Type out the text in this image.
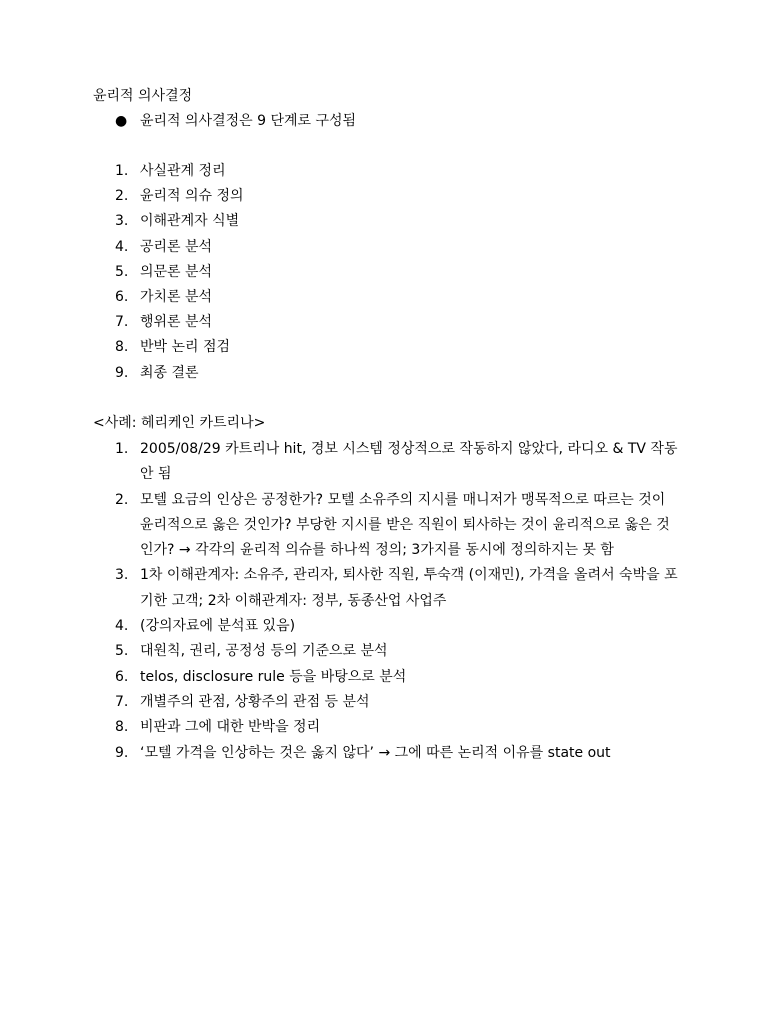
윤리적 의사결정
● 윤리적 의사결정은 9 단계로 구성됨
1. 사실관계 정리
2. 윤리적 의슈 정의
3. 이해관계자 식별
4. 공리론 분석
5. 의문론 분석
6. 가치론 분석
7. 행위론 분석
8. 반박 논리 점검
9. 최종 결론
<사례: 헤리케인 카트리나>
1. 2005/08/29 카트리나 hit, 경보 시스템 정상적으로 작동하지 않았다, 라디오 & TV 작동 안 됨
2. 모텔 요금의 인상은 공정한가? 모텔 소유주의 지시를 매니저가 맹목적으로 따르는 것이 윤리적으로 옳은 것인가? 부당한 지시를 받은 직원이 퇴사하는 것이 윤리적으로 옳은 것인가? → 각각의 윤리적 의슈를 하나씩 정의; 3가지를 동시에 정의하지는 못 함
3. 1차 이해관계자: 소유주, 관리자, 퇴사한 직원, 투숙객 (이재민), 가격을 올려서 숙박을 포기한 고객; 2차 이해관계자: 정부, 동종산업 사업주
4. (강의자료에 분석표 있음)
5. 대원칙, 권리, 공정성 등의 기준으로 분석
6. telos, disclosure rule 등을 바탕으로 분석
7. 개별주의 관점, 상황주의 관점 등 분석
8. 비판과 그에 대한 반박을 정리
9. ‘모텔 가격을 인상하는 것은 옳지 않다’ → 그에 따른 논리적 이유를 state out
